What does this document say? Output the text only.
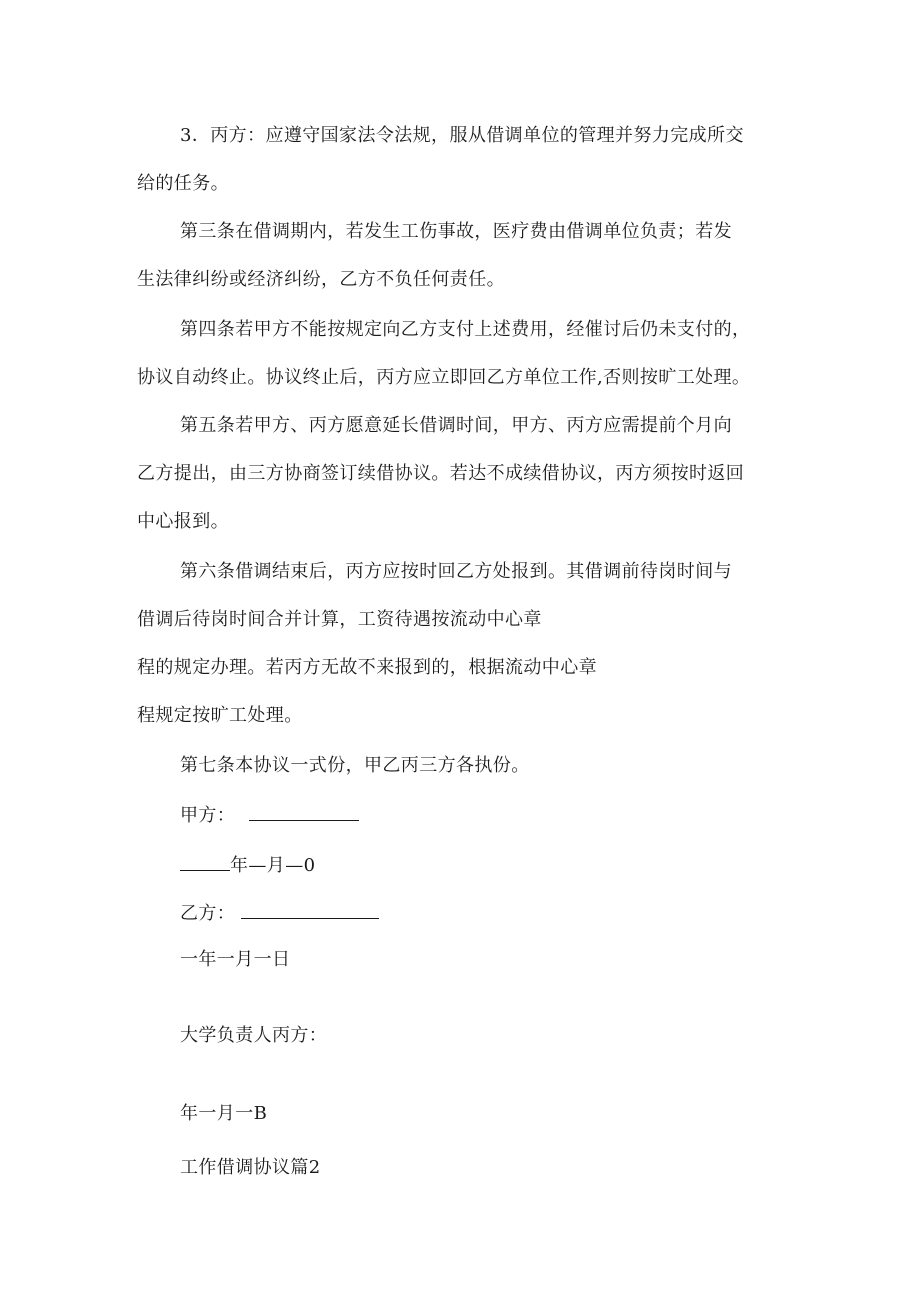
3．丙方：应遵守国家法令法规，服从借调单位的管理并努力完成所交
给的任务。
第三条在借调期内，若发生工伤事故，医疗费由借调单位负责；若发
生法律纠纷或经济纠纷，乙方不负任何责任。
第四条若甲方不能按规定向乙方支付上述费用，经催讨后仍未支付的，
协议自动终止。协议终止后，丙方应立即回乙方单位工作,否则按旷工处理。
第五条若甲方、丙方愿意延长借调时间，甲方、丙方应需提前个月向
乙方提出，由三方协商签订续借协议。若达不成续借协议，丙方须按时返回
中心报到。
第六条借调结束后，丙方应按时回乙方处报到。其借调前待岗时间与
借调后待岗时间合并计算，工资待遇按流动中心章
程的规定办理。若丙方无故不来报到的，根据流动中心章
程规定按旷工处理。
第七条本协议一式份，甲乙丙三方各执份。
甲方：
年—月—0
乙方：
一年一月一日
大学负责人丙方：
年一月一B
工作借调协议篇2
